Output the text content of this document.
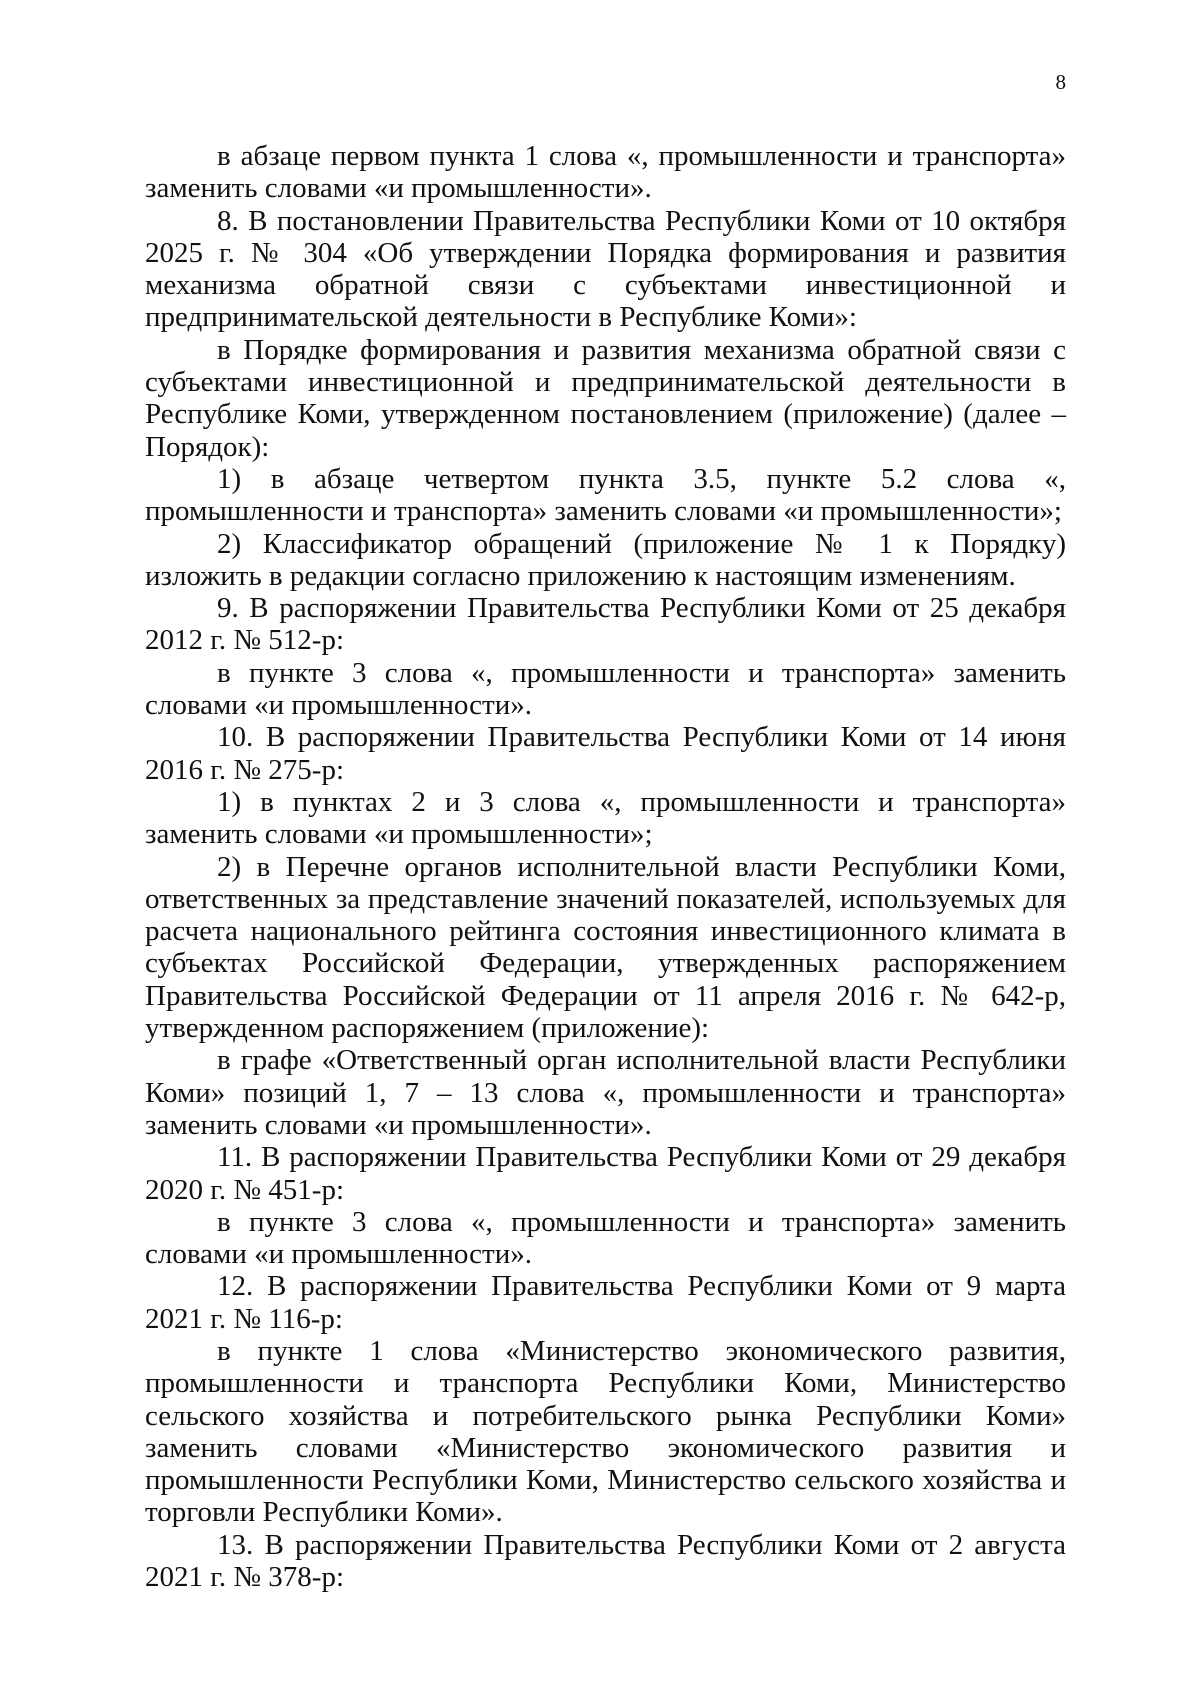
8

в абзаце первом пункта 1 слова «, промышленности и транспорта» заменить словами «и промышленности».

8. В постановлении Правительства Республики Коми от 10 октября 2025 г. № 304 «Об утверждении Порядка формирования и развития механизма обратной связи с субъектами инвестиционной и предпринимательской деятельности в Республике Коми»:

в Порядке формирования и развития механизма обратной связи с субъектами инвестиционной и предпринимательской деятельности в Республике Коми, утвержденном постановлением (приложение) (далее – Порядок):

1) в абзаце четвертом пункта 3.5, пункте 5.2 слова «, промышленности и транспорта» заменить словами «и промышленности»;

2) Классификатор обращений (приложение № 1 к Порядку) изложить в редакции согласно приложению к настоящим изменениям.

9. В распоряжении Правительства Республики Коми от 25 декабря 2012 г. № 512-р:

в пункте 3 слова «, промышленности и транспорта» заменить словами «и промышленности».

10. В распоряжении Правительства Республики Коми от 14 июня 2016 г. № 275-р:

1) в пунктах 2 и 3 слова «, промышленности и транспорта» заменить словами «и промышленности»;

2) в Перечне органов исполнительной власти Республики Коми, ответственных за представление значений показателей, используемых для расчета национального рейтинга состояния инвестиционного климата в субъектах Российской Федерации, утвержденных распоряжением Правительства Российской Федерации от 11 апреля 2016 г. № 642-р, утвержденном распоряжением (приложение):

в графе «Ответственный орган исполнительной власти Республики Коми» позиций 1, 7 – 13 слова «, промышленности и транспорта» заменить словами «и промышленности».

11. В распоряжении Правительства Республики Коми от 29 декабря 2020 г. № 451-р:

в пункте 3 слова «, промышленности и транспорта» заменить словами «и промышленности».

12. В распоряжении Правительства Республики Коми от 9 марта 2021 г. № 116-р:

в пункте 1 слова «Министерство экономического развития, промышленности и транспорта Республики Коми, Министерство сельского хозяйства и потребительского рынка Республики Коми» заменить словами «Министерство экономического развития и промышленности Республики Коми, Министерство сельского хозяйства и торговли Республики Коми».

13. В распоряжении Правительства Республики Коми от 2 августа 2021 г. № 378-р:
